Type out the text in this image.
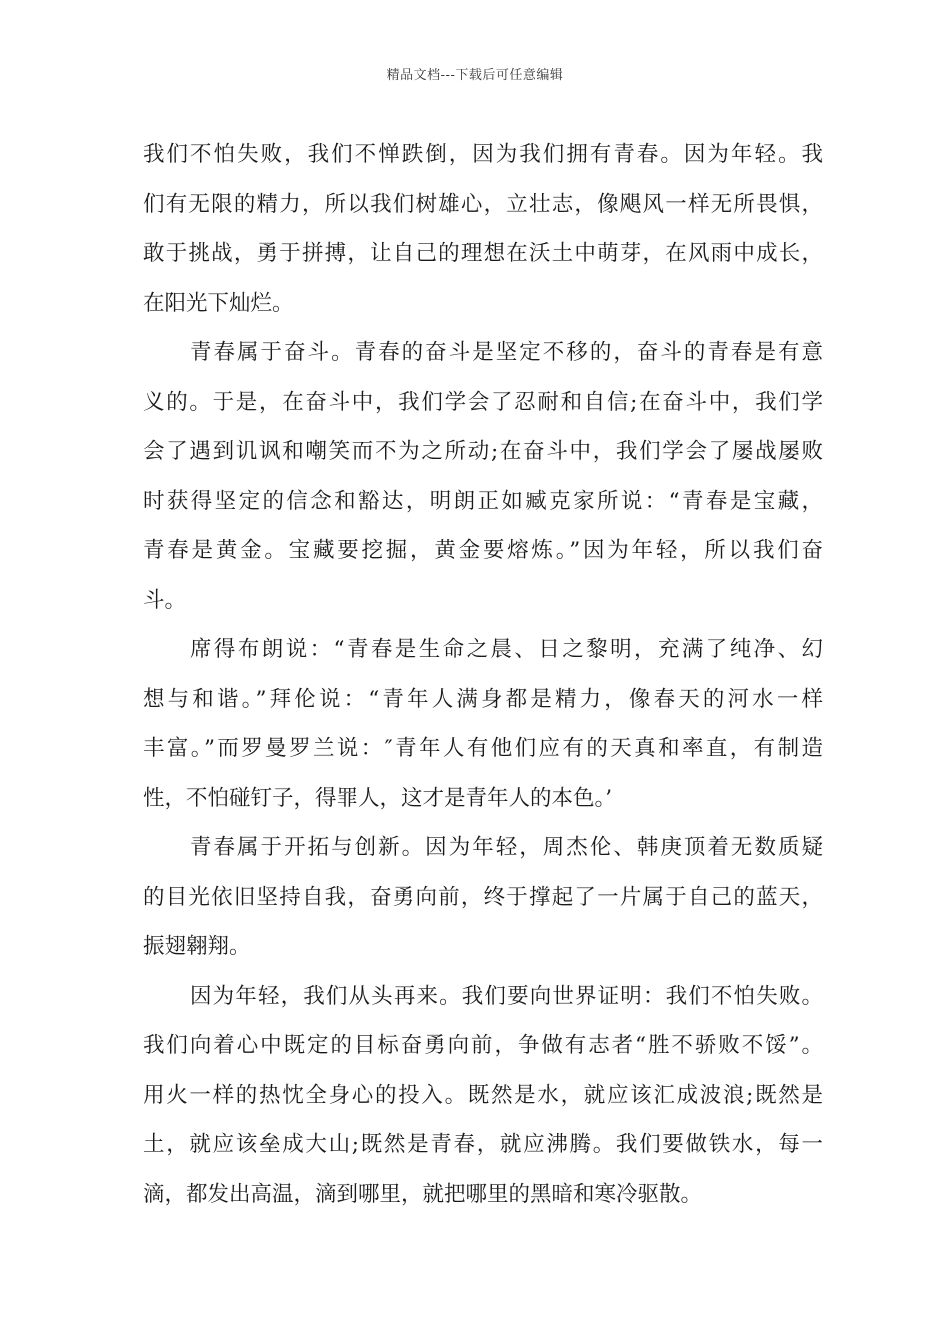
精品文档---下载后可任意编辑
我们不怕失败，我们不惮跌倒，因为我们拥有青春。因为年轻。我
们有无限的精力，所以我们树雄心，立壮志，像飓风一样无所畏惧，
敢于挑战，勇于拼搏，让自己的理想在沃土中萌芽，在风雨中成长，
在阳光下灿烂。
青春属于奋斗。青春的奋斗是坚定不移的，奋斗的青春是有意
义的。于是，在奋斗中，我们学会了忍耐和自信;在奋斗中，我们学
会了遇到讥讽和嘲笑而不为之所动;在奋斗中，我们学会了屡战屡败
时获得坚定的信念和豁达，明朗正如臧克家所说：“青春是宝藏，
青春是黄金。宝藏要挖掘，黄金要熔炼。”因为年轻，所以我们奋
斗。
席得布朗说：“青春是生命之晨、日之黎明，充满了纯净、幻
想与和谐。”拜伦说：“青年人满身都是精力，像春天的河水一样
丰富。”而罗曼罗兰说：″青年人有他们应有的天真和率直，有制造
性，不怕碰钉子，得罪人，这才是青年人的本色。’
青春属于开拓与创新。因为年轻，周杰伦、韩庚顶着无数质疑
的目光依旧坚持自我，奋勇向前，终于撑起了一片属于自己的蓝天，
振翅翱翔。
因为年轻，我们从头再来。我们要向世界证明：我们不怕失败。
我们向着心中既定的目标奋勇向前，争做有志者“胜不骄败不馁”。
用火一样的热忱全身心的投入。既然是水，就应该汇成波浪;既然是
土，就应该垒成大山;既然是青春，就应沸腾。我们要做铁水，每一
滴，都发出高温，滴到哪里，就把哪里的黑暗和寒冷驱散。
